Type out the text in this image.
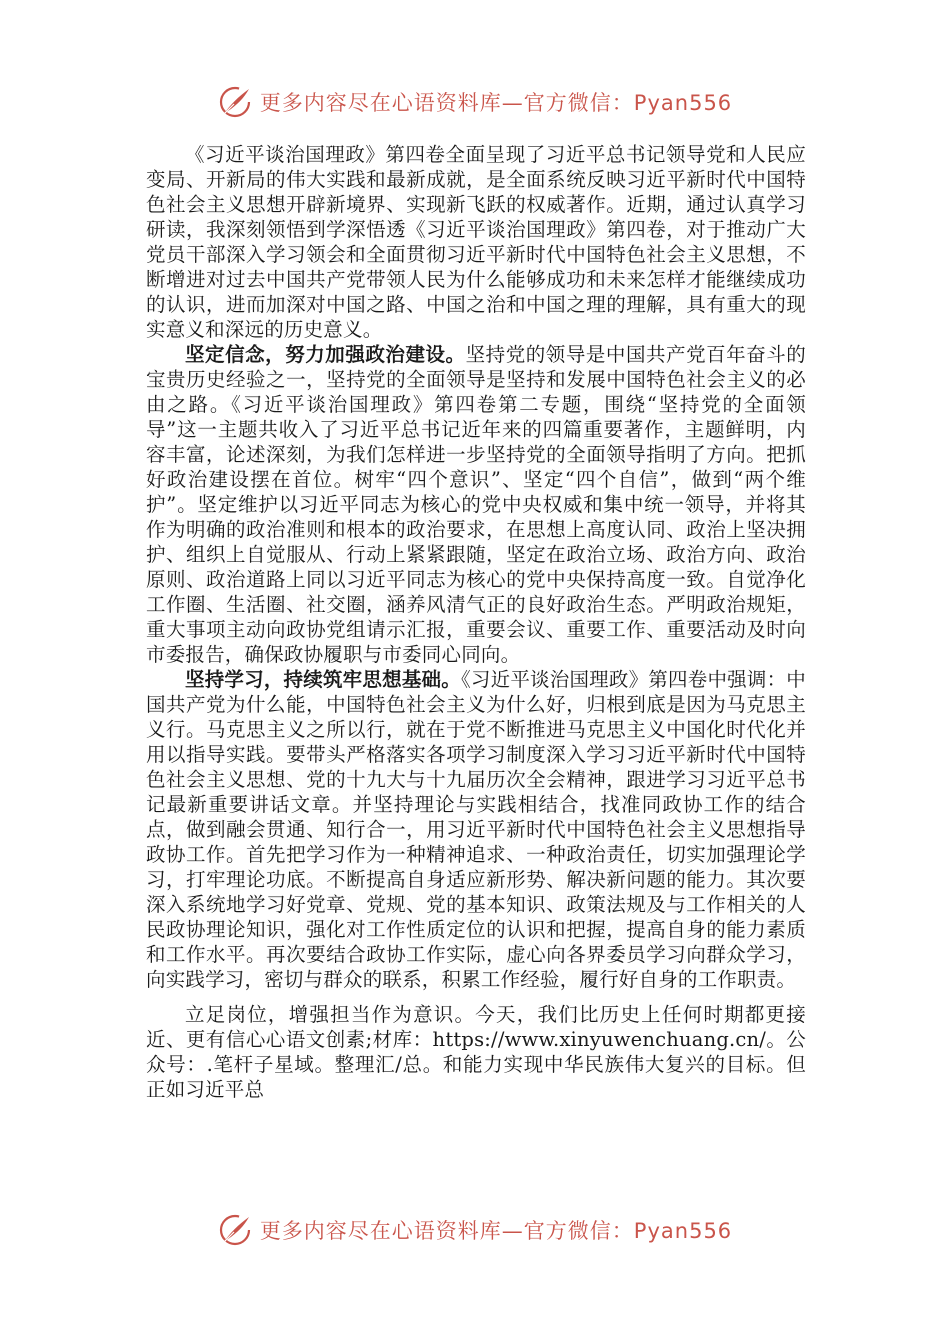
更多内容尽在心语资料库—官方微信：Pyan556

《习近平谈治国理政》第四卷全面呈现了习近平总书记领导党和人民应变局、开新局的伟大实践和最新成就，是全面系统反映习近平新时代中国特色社会主义思想开辟新境界、实现新飞跃的权威著作。近期，通过认真学习研读，我深刻领悟到学深悟透《习近平谈治国理政》第四卷，对于推动广大党员干部深入学习领会和全面贯彻习近平新时代中国特色社会主义思想，不断增进对过去中国共产党带领人民为什么能够成功和未来怎样才能继续成功的认识，进而加深对中国之路、中国之治和中国之理的理解，具有重大的现实意义和深远的历史意义。

坚定信念，努力加强政治建设。坚持党的领导是中国共产党百年奋斗的宝贵历史经验之一，坚持党的全面领导是坚持和发展中国特色社会主义的必由之路。《习近平谈治国理政》第四卷第二专题，围绕“坚持党的全面领导”这一主题共收入了习近平总书记近年来的四篇重要著作，主题鲜明，内容丰富，论述深刻，为我们怎样进一步坚持党的全面领导指明了方向。把抓好政治建设摆在首位。树牢“四个意识”、坚定“四个自信”，做到“两个维护”。坚定维护以习近平同志为核心的党中央权威和集中统一领导，并将其作为明确的政治准则和根本的政治要求，在思想上高度认同、政治上坚决拥护、组织上自觉服从、行动上紧紧跟随，坚定在政治立场、政治方向、政治原则、政治道路上同以习近平同志为核心的党中央保持高度一致。自觉净化工作圈、生活圈、社交圈，涵养风清气正的良好政治生态。严明政治规矩，重大事项主动向政协党组请示汇报，重要会议、重要工作、重要活动及时向市委报告，确保政协履职与市委同心同向。

坚持学习，持续筑牢思想基础。《习近平谈治国理政》第四卷中强调：中国共产党为什么能，中国特色社会主义为什么好，归根到底是因为马克思主义行。马克思主义之所以行，就在于党不断推进马克思主义中国化时代化并用以指导实践。要带头严格落实各项学习制度深入学习习近平新时代中国特色社会主义思想、党的十九大与十九届历次全会精神，跟进学习习近平总书记最新重要讲话文章。并坚持理论与实践相结合，找准同政协工作的结合点，做到融会贯通、知行合一，用习近平新时代中国特色社会主义思想指导政协工作。首先把学习作为一种精神追求、一种政治责任，切实加强理论学习，打牢理论功底。不断提高自身适应新形势、解决新问题的能力。其次要深入系统地学习好党章、党规、党的基本知识、政策法规及与工作相关的人民政协理论知识，强化对工作性质定位的认识和把握，提高自身的能力素质和工作水平。再次要结合政协工作实际，虚心向各界委员学习向群众学习，向实践学习，密切与群众的联系，积累工作经验，履行好自身的工作职责。

立足岗位，增强担当作为意识。今天，我们比历史上任何时期都更接近、更有信心心语文创素;材库：https://www.xinyuwenchuang.cn/。公众号：.笔杆子星域。整理汇/总。和能力实现中华民族伟大复兴的目标。但正如习近平总

更多内容尽在心语资料库—官方微信：Pyan556
